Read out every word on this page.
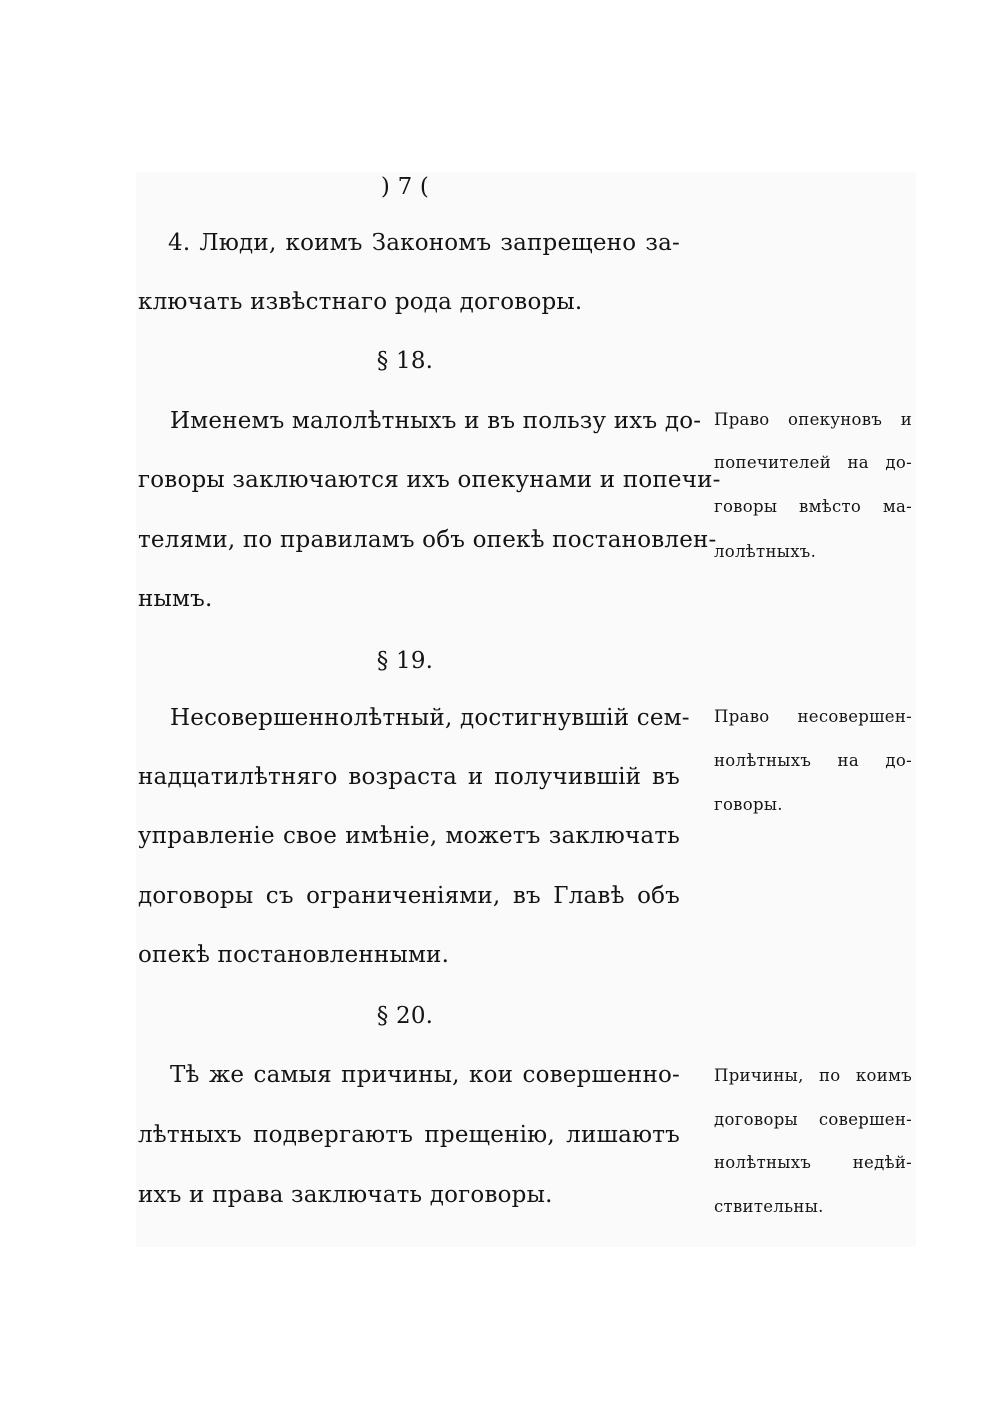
) 7 (
4. Люди, коимъ Закономъ запрещено за-
ключать извѣстнаго рода договоры.
§ 18.
Именемъ малолѣтныхъ и въ пользу ихъ до-
говоры заключаются ихъ опекунами и попечи-
телями, по правиламъ объ опекѣ постановлен-
нымъ.
Право опекуновъ и
попечителей на до-
говоры вмѣсто ма-
лолѣтныхъ.
§ 19.
Несовершеннолѣтный, достигнувшій сем-
надцатилѣтняго возраста и получившій въ
управленіе свое имѣніе, можетъ заключать
договоры съ ограниченіями, въ Главѣ объ
опекѣ постановленными.
Право несовершен-
нолѣтныхъ на до-
говоры.
§ 20.
Тѣ же самыя причины, кои совершенно-
лѣтныхъ подвергаютъ прещенію, лишаютъ
ихъ и права заключать договоры.
Причины, по коимъ
договоры совершен-
нолѣтныхъ недѣй-
ствительны.
